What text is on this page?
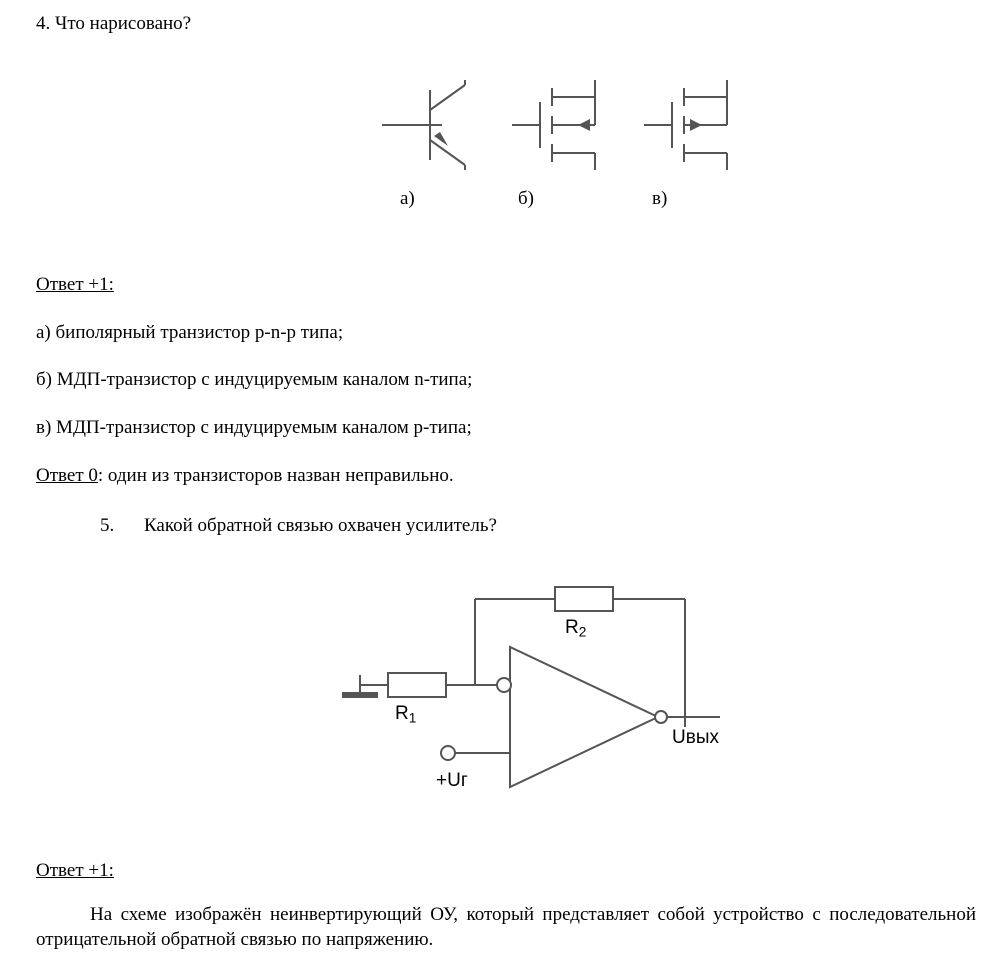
4. Что нарисовано?
а)	б)	в)
Ответ +1:
а) биполярный транзистор p-n-p типа;
б) МДП-транзистор с индуцируемым каналом n-типа;
в) МДП-транзистор с индуцируемым каналом p-типа;
Ответ 0: один из транзисторов назван неправильно.
5. Какой обратной связью охвачен усилитель?
$R_2$
$R_1$
Uвых
+Uг
Ответ +1:

На схеме изображён неинвертирующий ОУ, который представляет собой устройство с последовательной отрицательной обратной связью по напряжению.
